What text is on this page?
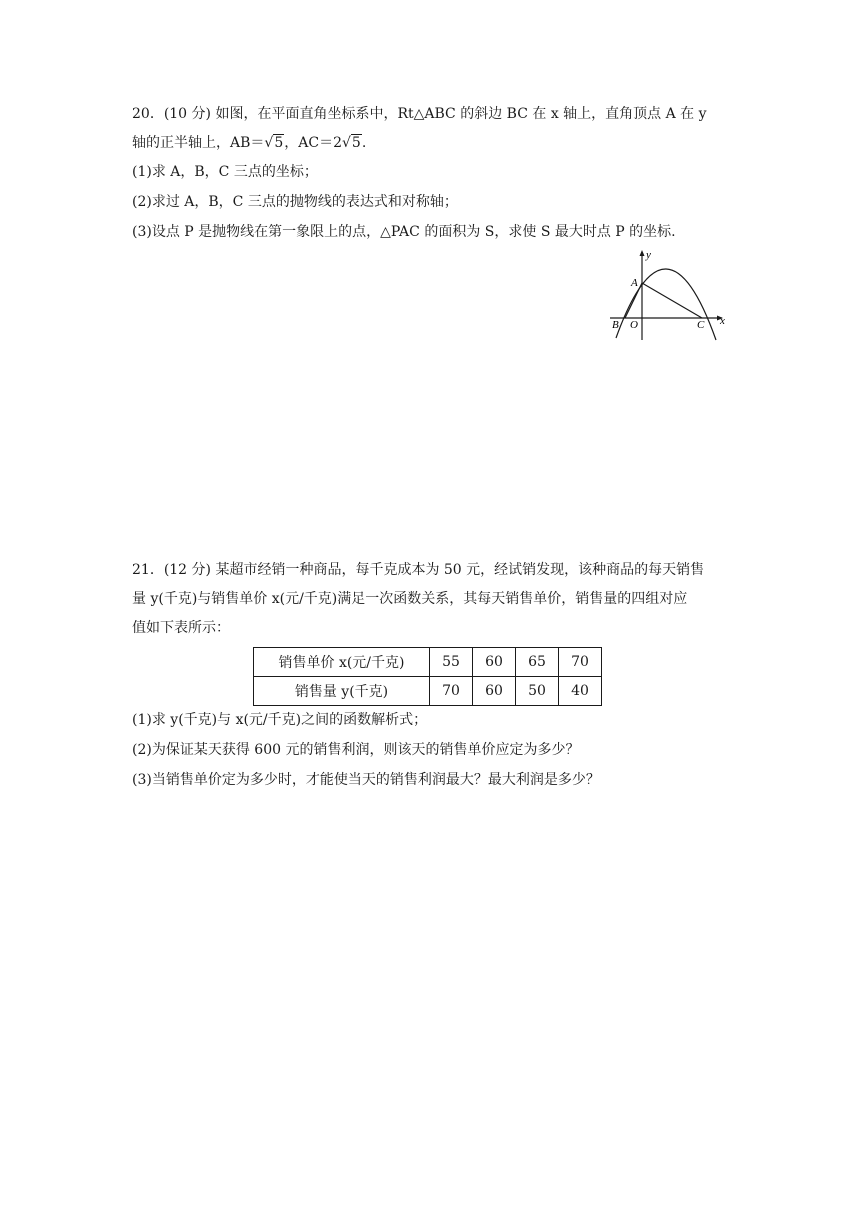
20．(10 分) 如图，在平面直角坐标系中，Rt△ABC 的斜边 BC 在 x 轴上，直角顶点 A 在 y
轴的正半轴上，AB＝√5，AC＝2√5.
(1)求 A，B，C 三点的坐标；
(2)求过 A，B，C 三点的抛物线的表达式和对称轴；
(3)设点 P 是抛物线在第一象限上的点，△PAC 的面积为 S，求使 S 最大时点 P 的坐标.
y
x
A
B O	C
21．(12 分) 某超市经销一种商品，每千克成本为 50 元，经试销发现，该种商品的每天销售
量 y(千克)与销售单价 x(元/千克)满足一次函数关系，其每天销售单价，销售量的四组对应
值如下表所示：
销售单价 x(元/千克)	55	60	65	70
销售量 y(千克)	70	60	50	40
(1)求 y(千克)与 x(元/千克)之间的函数解析式；
(2)为保证某天获得 600 元的销售利润，则该天的销售单价应定为多少？
(3)当销售单价定为多少时，才能使当天的销售利润最大？最大利润是多少？
